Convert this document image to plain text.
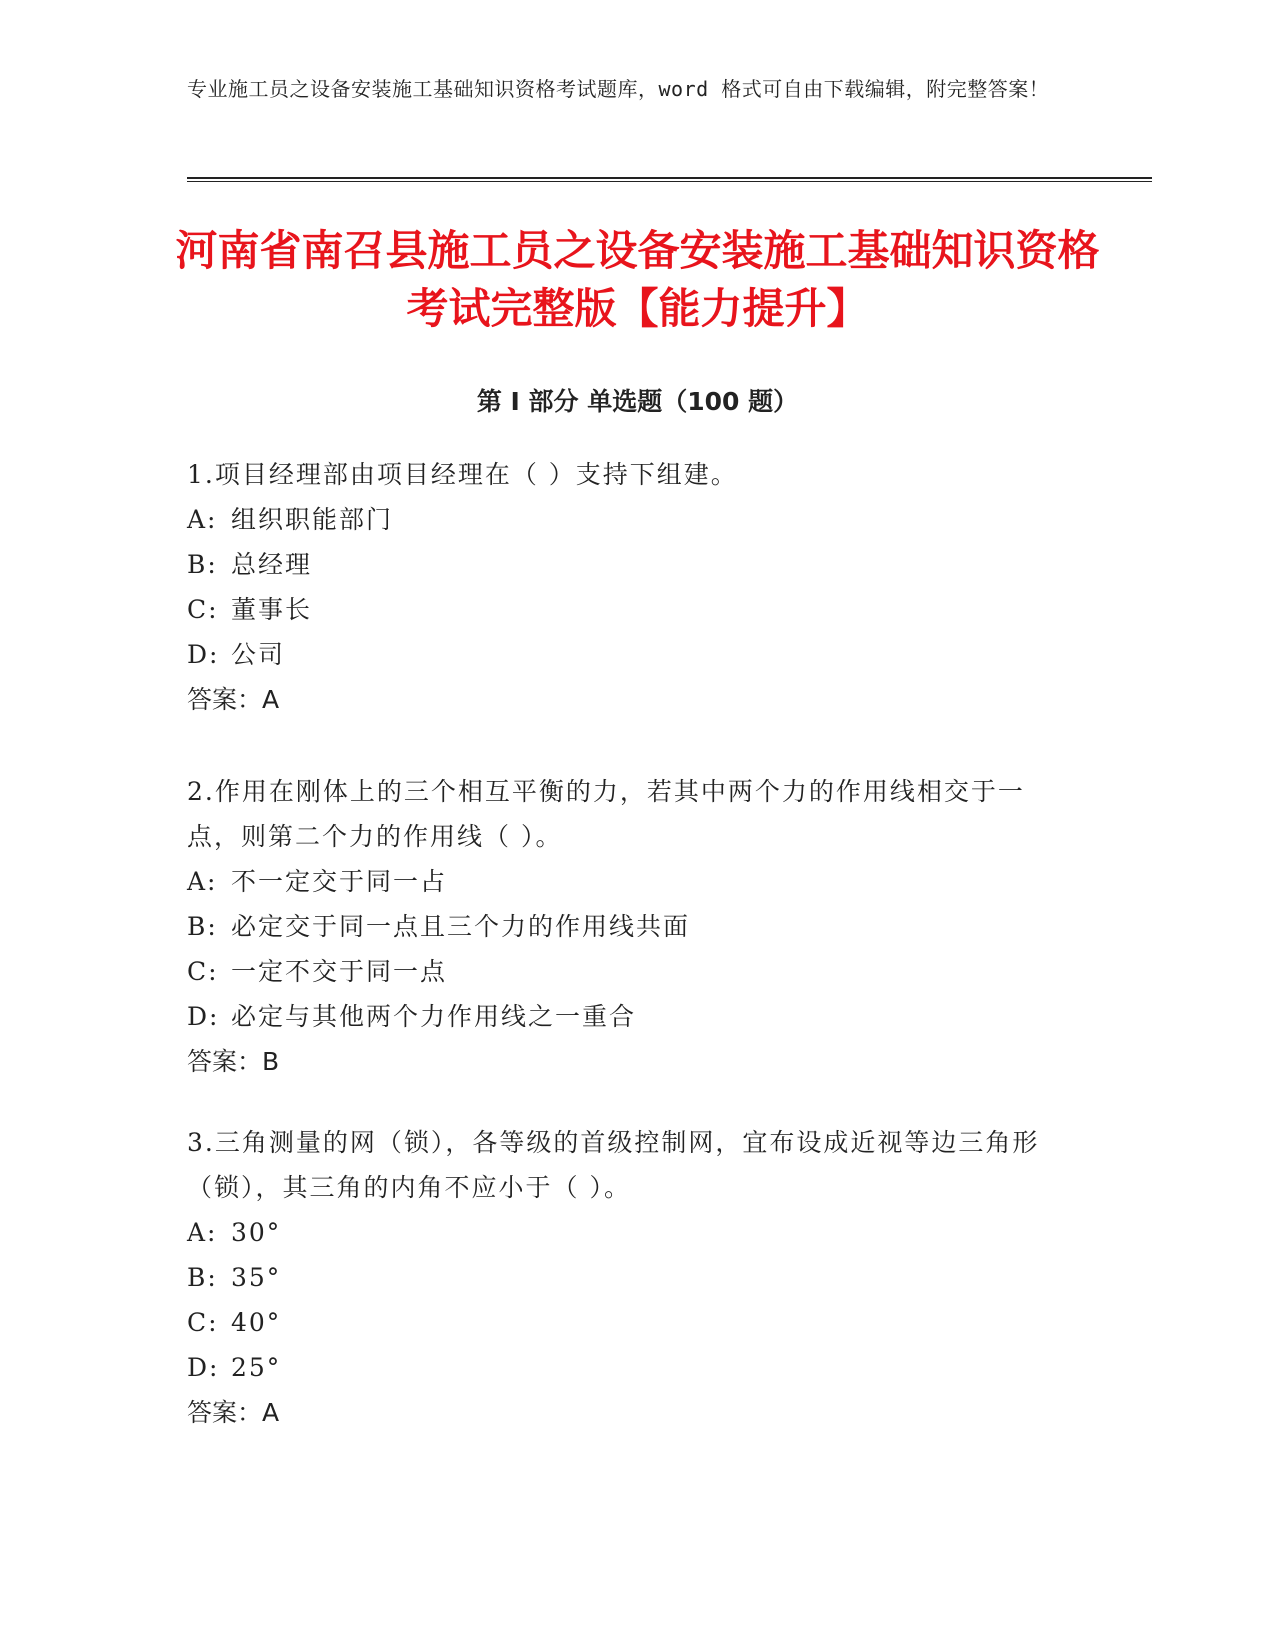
专业施工员之设备安装施工基础知识资格考试题库，word 格式可自由下载编辑，附完整答案！
河南省南召县施工员之设备安装施工基础知识资格考试完整版【能力提升】
第 I 部分 单选题（100 题）
1.项目经理部由项目经理在（ ）支持下组建。
A: 组织职能部门
B: 总经理
C: 董事长
D: 公司
答案：A
2.作用在刚体上的三个相互平衡的力，若其中两个力的作用线相交于一点，则第二个力的作用线（ ）。
A: 不一定交于同一占
B: 必定交于同一点且三个力的作用线共面
C: 一定不交于同一点
D: 必定与其他两个力作用线之一重合
答案：B
3.三角测量的网（锁），各等级的首级控制网，宜布设成近视等边三角形（锁），其三角的内角不应小于（ ）。
A: 30°
B: 35°
C: 40°
D: 25°
答案：A
